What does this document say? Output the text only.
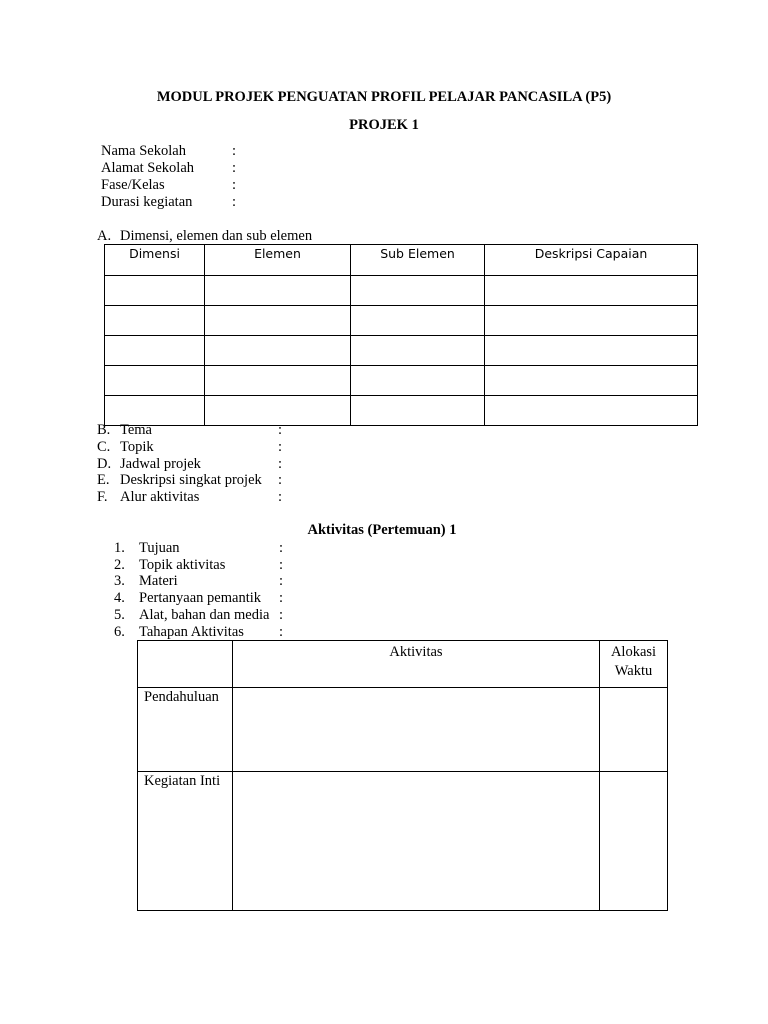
MODUL PROJEK PENGUATAN PROFIL PELAJAR PANCASILA (P5)
PROJEK 1
Nama Sekolah	:
Alamat Sekolah	:
Fase/Kelas	:
Durasi kegiatan	:
A. Dimensi, elemen dan sub elemen
Dimensi	Elemen	Sub Elemen	Deskripsi Capaian

B. Tema	:
C. Topik	:
D. Jadwal projek	:
E. Deskripsi singkat projek :
F. Alur aktivitas	:
Aktivitas (Pertemuan) 1
1. Tujuan	:
2. Topik aktivitas	:
3. Materi	:
4. Pertanyaan pemantik :
5. Alat, bahan dan media :
6. Tahapan Aktivitas :
	Aktivitas	Alokasi
Waktu

Pendahuluan		

Kegiatan Inti		
